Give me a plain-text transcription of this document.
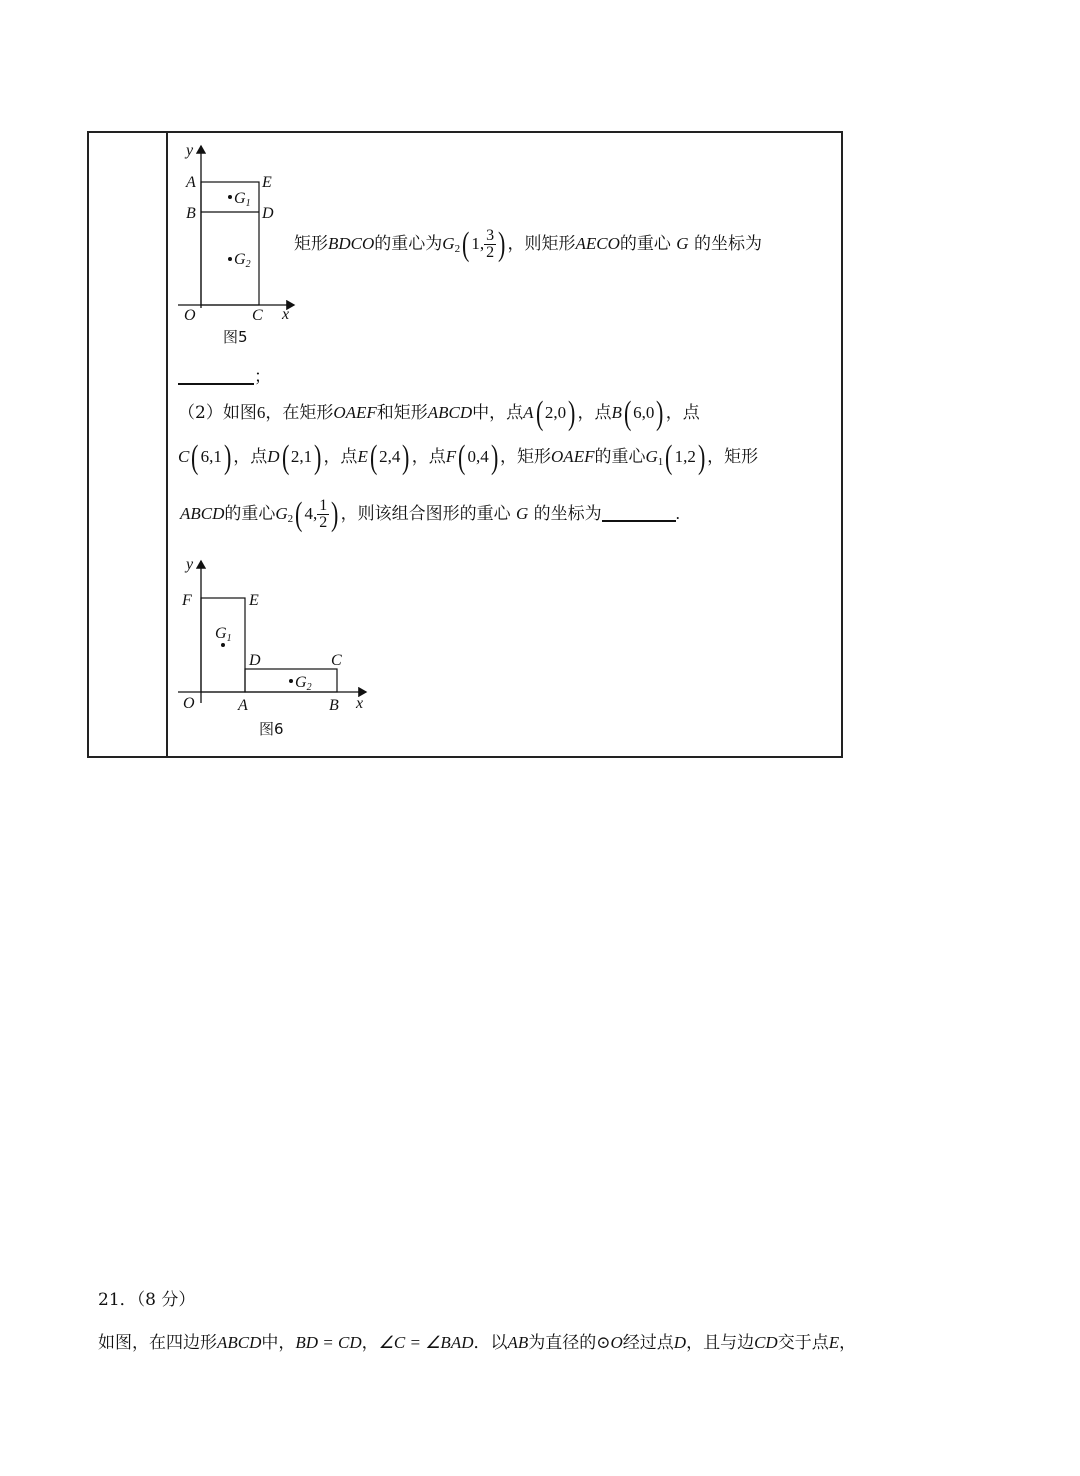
y
x
A	E
B	D
O	C
G1
G2
图5
矩形BDCO的重心为$G_2$( 1, $\frac{3}{2}$ ) ，则矩形AECO的重心 G 的坐标为
；
（2）如图6，在矩形OAEF和矩形ABCD中，点A( 2,0) ，点B( 6,0) ，点
C( 6,1) ，点D( 2,1) ，点E( 2,4) ，点F( 0,4) ，矩形OAEF的重心$G_1$( 1,2) ，矩形
ABCD的重心$G_2$( 4, $\frac{1}{2}$ ) ，则该组合图形的重心 G 的坐标为	.
y
x
F	E
D	C
O	A	B
G1
G2
图6
21．（8 分）
如图，在四边形ABCD中，BD = CD，∠C = ∠BAD．以AB为直径的⊙O经过点D，且与边CD交于点E，
